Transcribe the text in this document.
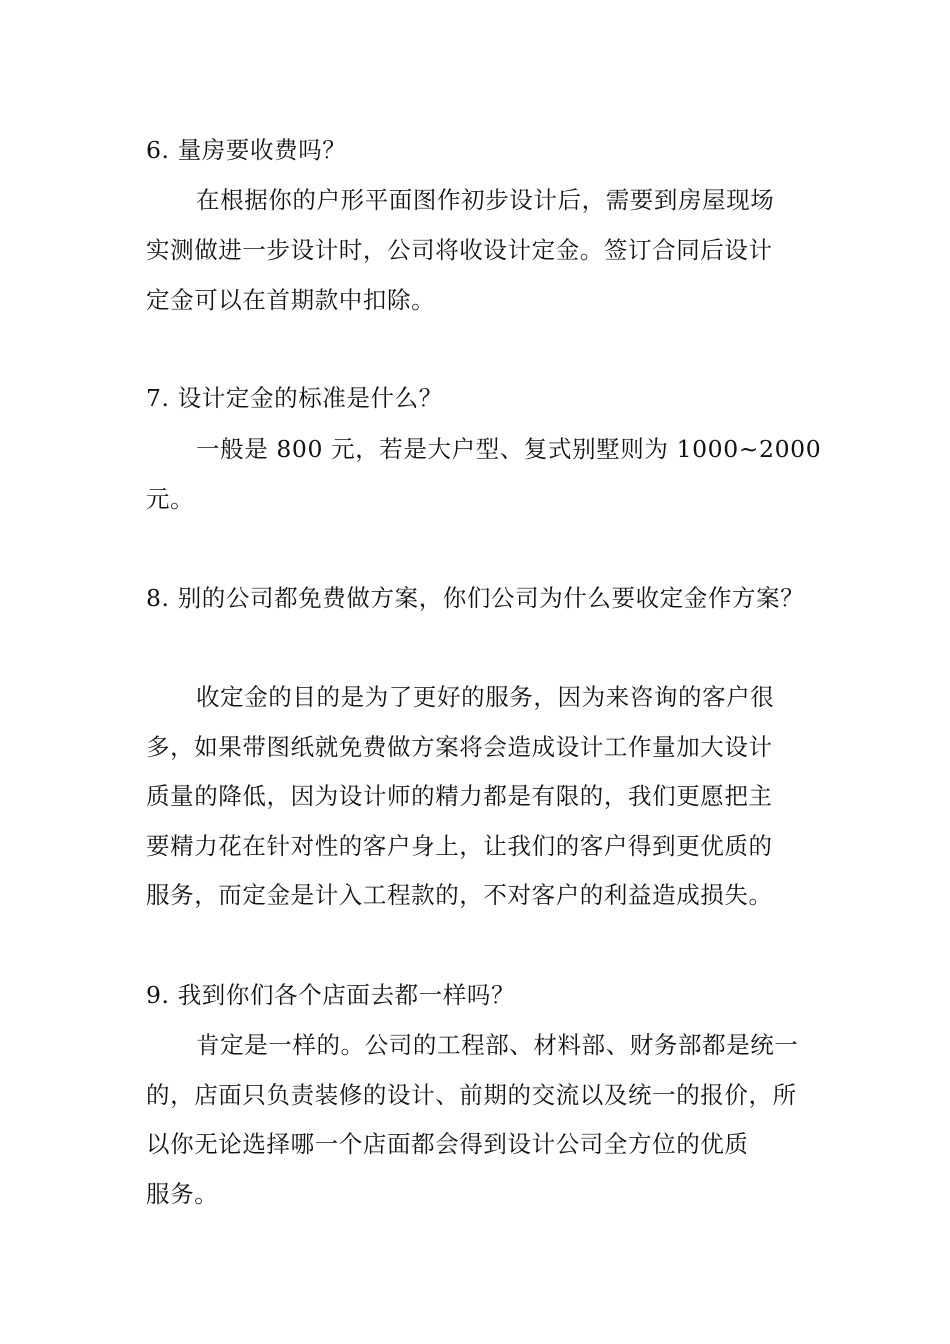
6. 量房要收费吗？
在根据你的户形平面图作初步设计后，需要到房屋现场
实测做进一步设计时，公司将收设计定金。签订合同后设计
定金可以在首期款中扣除。
7. 设计定金的标准是什么？
一般是 800 元，若是大户型、复式别墅则为 1000~2000
元。
8. 别的公司都免费做方案，你们公司为什么要收定金作方案？
收定金的目的是为了更好的服务，因为来咨询的客户很
多，如果带图纸就免费做方案将会造成设计工作量加大设计
质量的降低，因为设计师的精力都是有限的，我们更愿把主
要精力花在针对性的客户身上，让我们的客户得到更优质的
服务，而定金是计入工程款的，不对客户的利益造成损失。
9. 我到你们各个店面去都一样吗？
肯定是一样的。公司的工程部、材料部、财务部都是统一
的，店面只负责装修的设计、前期的交流以及统一的报价，所
以你无论选择哪一个店面都会得到设计公司全方位的优质
服务。
